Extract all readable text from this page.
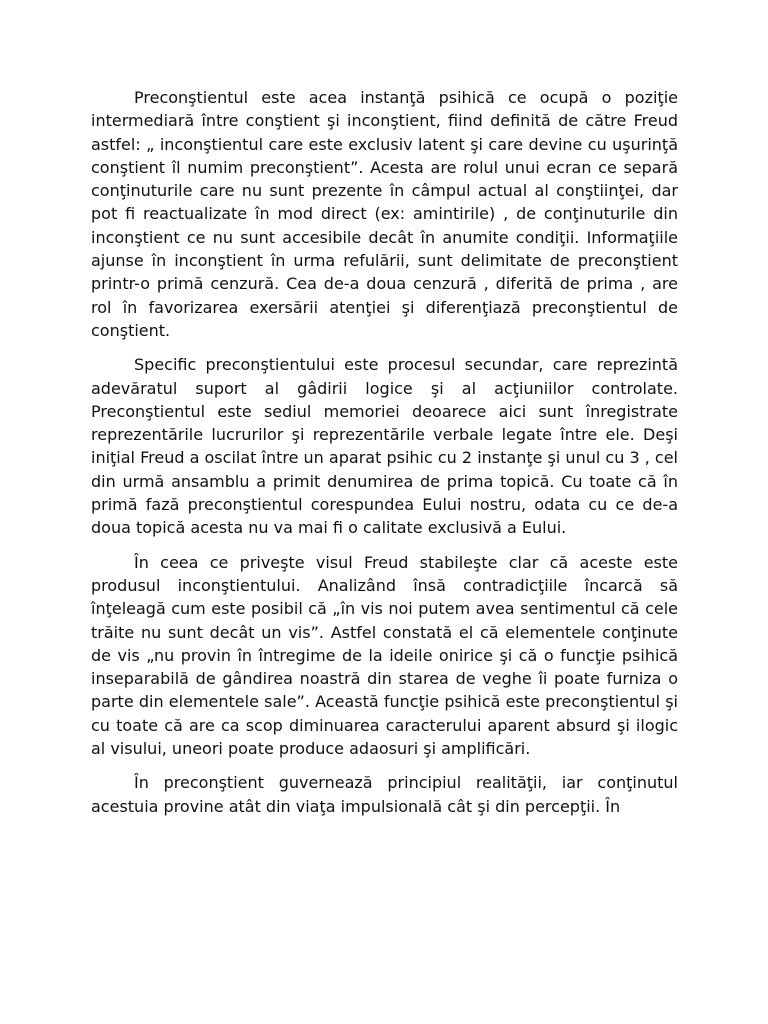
Preconştientul este acea instanţă psihică ce ocupă o poziţie intermediară între conştient şi inconştient, fiind definită de către Freud astfel: „ inconştientul care este exclusiv latent şi care devine cu uşurinţă conştient îl numim preconştient”. Acesta are rolul unui ecran ce separă conţinuturile care nu sunt prezente în câmpul actual al conştiinţei, dar pot fi reactualizate în mod direct (ex: amintirile) , de conţinuturile din inconştient ce nu sunt accesibile decât în anumite condiţii. Informaţiile ajunse în inconştient în urma refulării, sunt delimitate de preconştient printr-o primă cenzură. Cea de-a doua cenzură , diferită de prima , are rol în favorizarea exersării atenţiei şi diferenţiază preconştientul de conştient.

Specific preconştientului este procesul secundar, care reprezintă adevăratul suport al gâdirii logice şi al acţiuniilor controlate. Preconştientul este sediul memoriei deoarece aici sunt înregistrate reprezentările lucrurilor şi reprezentările verbale legate între ele. Deşi iniţial Freud a oscilat între un aparat psihic cu 2 instanţe şi unul cu 3 , cel din urmă ansamblu a primit denumirea de prima topică. Cu toate că în primă fază preconştientul corespundea Eului nostru, odata cu ce de-a doua topică acesta nu va mai fi o calitate exclusivă a Eului.

În ceea ce priveşte visul Freud stabileşte clar că aceste este produsul inconştientului. Analizând însă contradicţiile încarcă să înţeleagă cum este posibil că „în vis noi putem avea sentimentul că cele trăite nu sunt decât un vis”. Astfel constată el că elementele conţinute de vis „nu provin în întregime de la ideile onirice şi că o funcţie psihică inseparabilă de gândirea noastră din starea de veghe îi poate furniza o parte din elementele sale”. Această funcţie psihică este preconştientul şi cu toate că are ca scop diminuarea caracterului aparent absurd şi ilogic al visului, uneori poate produce adaosuri şi amplificări.

În preconştient guvernează principiul realităţii, iar conţinutul acestuia provine atât din viaţa impulsională cât şi din percepţii. În
